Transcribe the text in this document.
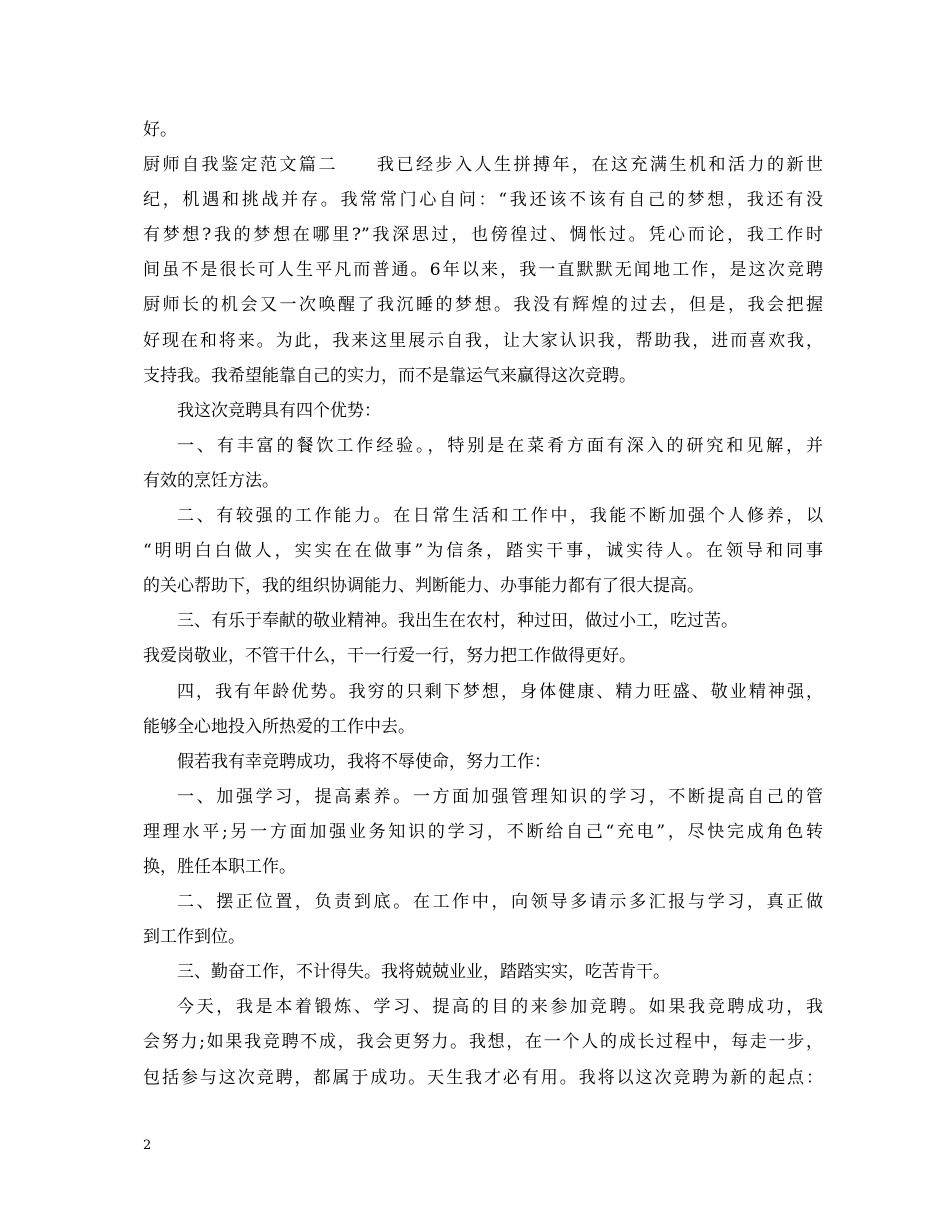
好。

厨师自我鉴定范文篇二　　我已经步入人生拼搏年，在这充满生机和活力的新世

纪，机遇和挑战并存。我常常门心自问：“我还该不该有自己的梦想，我还有没

有梦想?我的梦想在哪里?”我深思过，也傍徨过、惆怅过。凭心而论，我工作时

间虽不是很长可人生平凡而普通。6年以来，我一直默默无闻地工作，是这次竞聘

厨师长的机会又一次唤醒了我沉睡的梦想。我没有辉煌的过去，但是，我会把握

好现在和将来。为此，我来这里展示自我，让大家认识我，帮助我，进而喜欢我，

支持我。我希望能靠自己的实力，而不是靠运气来赢得这次竞聘。

我这次竞聘具有四个优势：

一、有丰富的餐饮工作经验。，特别是在菜肴方面有深入的研究和见解，并

有效的烹饪方法。

二、有较强的工作能力。在日常生活和工作中，我能不断加强个人修养，以

“明明白白做人，实实在在做事”为信条，踏实干事，诚实待人。在领导和同事

的关心帮助下，我的组织协调能力、判断能力、办事能力都有了很大提高。

三、有乐于奉献的敬业精神。我出生在农村，种过田，做过小工，吃过苦。

我爱岗敬业，不管干什么，干一行爱一行，努力把工作做得更好。

四，我有年龄优势。我穷的只剩下梦想，身体健康、精力旺盛、敬业精神强，

能够全心地投入所热爱的工作中去。

假若我有幸竞聘成功，我将不辱使命，努力工作：

一、加强学习，提高素养。一方面加强管理知识的学习，不断提高自己的管

理理水平;另一方面加强业务知识的学习，不断给自己“充电”，尽快完成角色转

换，胜任本职工作。

二、摆正位置，负责到底。在工作中，向领导多请示多汇报与学习，真正做

到工作到位。

三、勤奋工作，不计得失。我将兢兢业业，踏踏实实，吃苦肯干。

今天，我是本着锻炼、学习、提高的目的来参加竞聘。如果我竞聘成功，我

会努力;如果我竞聘不成，我会更努力。我想，在一个人的成长过程中，每走一步，

包括参与这次竞聘，都属于成功。天生我才必有用。我将以这次竞聘为新的起点：

2
